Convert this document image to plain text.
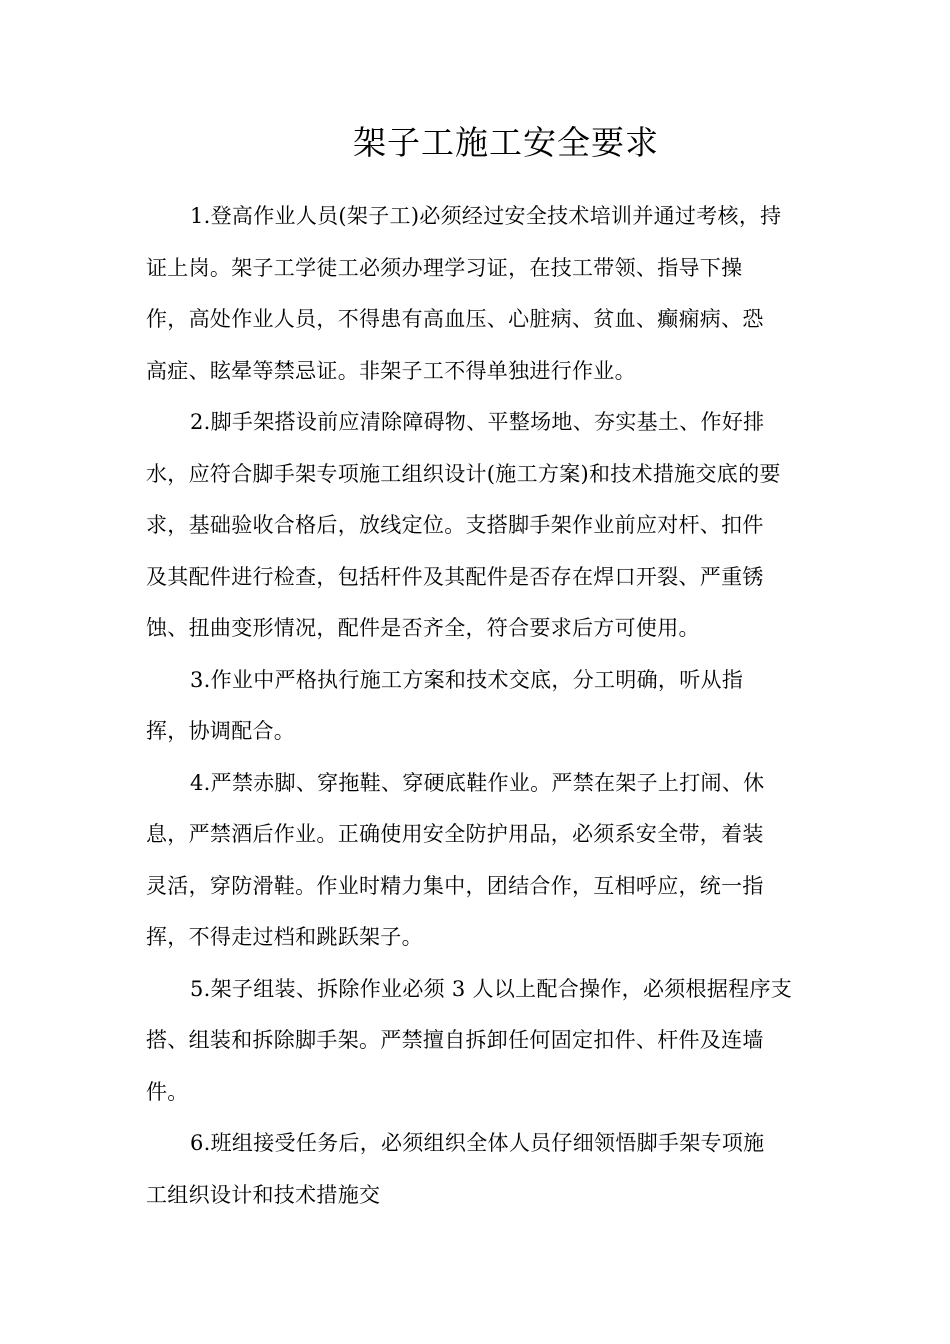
架子工施工安全要求
1.登高作业人员(架子工)必须经过安全技术培训并通过考核，持
证上岗。架子工学徒工必须办理学习证，在技工带领、指导下操
作，高处作业人员，不得患有高血压、心脏病、贫血、癫痫病、恐
高症、眩晕等禁忌证。非架子工不得单独进行作业。
2.脚手架搭设前应清除障碍物、平整场地、夯实基土、作好排
水，应符合脚手架专项施工组织设计(施工方案)和技术措施交底的要
求，基础验收合格后，放线定位。支搭脚手架作业前应对杆、扣件
及其配件进行检查，包括杆件及其配件是否存在焊口开裂、严重锈
蚀、扭曲变形情况，配件是否齐全，符合要求后方可使用。
3.作业中严格执行施工方案和技术交底，分工明确，听从指
挥，协调配合。
4.严禁赤脚、穿拖鞋、穿硬底鞋作业。严禁在架子上打闹、休
息，严禁酒后作业。正确使用安全防护用品，必须系安全带，着装
灵活，穿防滑鞋。作业时精力集中，团结合作，互相呼应，统一指
挥，不得走过档和跳跃架子。
5.架子组装、拆除作业必须 3 人以上配合操作，必须根据程序支
搭、组装和拆除脚手架。严禁擅自拆卸任何固定扣件、杆件及连墙
件。
6.班组接受任务后，必须组织全体人员仔细领悟脚手架专项施
工组织设计和技术措施交
